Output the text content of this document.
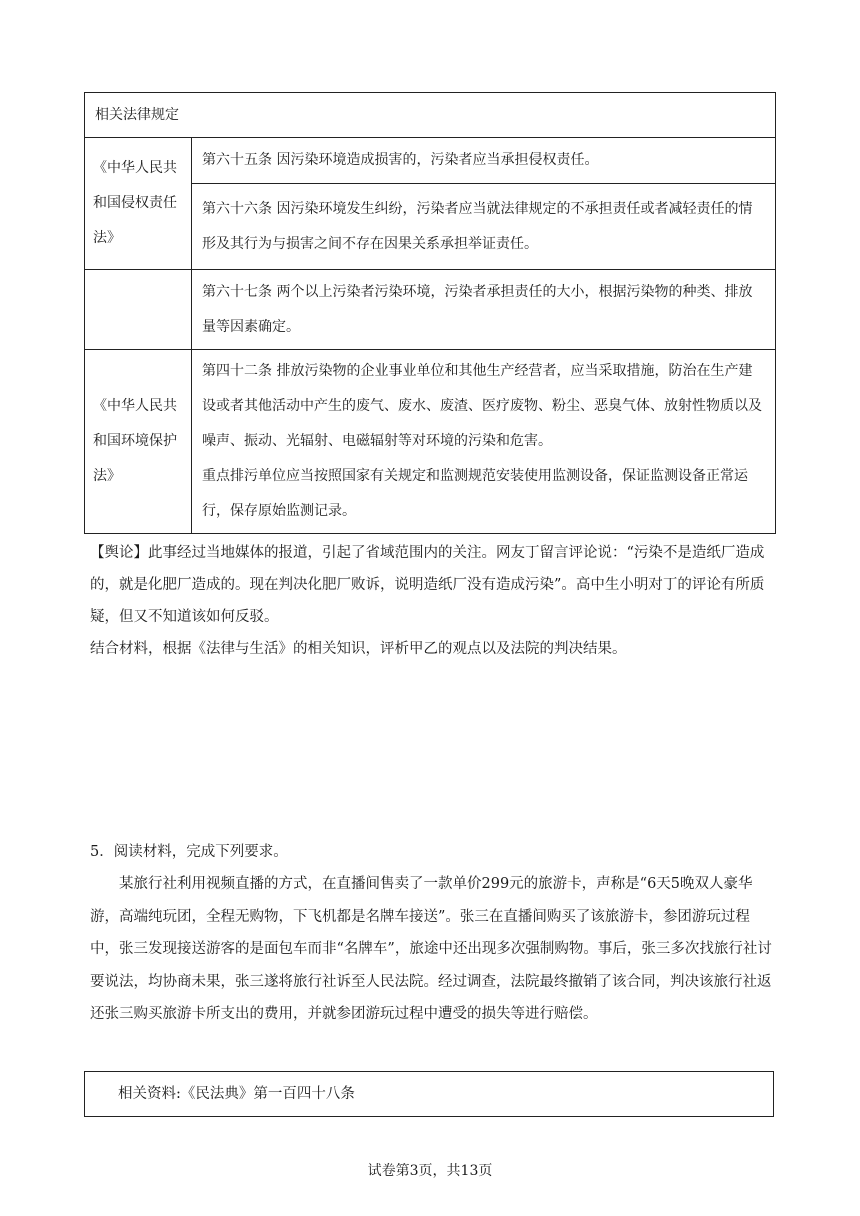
相关法律规定	
《中华人民共和国侵权责任法》	第六十五条 因污染环境造成损害的，污染者应当承担侵权责任。
	第六十六条 因污染环境发生纠纷，污染者应当就法律规定的不承担责任或者减轻责任的情形及其行为与损害之间不存在因果关系承担举证责任。
	第六十七条 两个以上污染者污染环境，污染者承担责任的大小，根据污染物的种类、排放量等因素确定。
《中华人民共和国环境保护法》	第四十二条 排放污染物的企业事业单位和其他生产经营者，应当采取措施，防治在生产建设或者其他活动中产生的废气、废水、废渣、医疗废物、粉尘、恶臭气体、放射性物质以及噪声、振动、光辐射、电磁辐射等对环境的污染和危害。
重点排污单位应当按照国家有关规定和监测规范安装使用监测设备，保证监测设备正常运行，保存原始监测记录。
【舆论】此事经过当地媒体的报道，引起了省域范围内的关注。网友丁留言评论说：“污染不是造纸厂造成的，就是化肥厂造成的。现在判决化肥厂败诉，说明造纸厂没有造成污染”。高中生小明对丁的评论有所质疑，但又不知道该如何反驳。
结合材料，根据《法律与生活》的相关知识，评析甲乙的观点以及法院的判决结果。
5．阅读材料，完成下列要求。
某旅行社利用视频直播的方式，在直播间售卖了一款单价299元的旅游卡，声称是“6天5晚双人豪华游，高端纯玩团，全程无购物，下飞机都是名牌车接送”。张三在直播间购买了该旅游卡，参团游玩过程中，张三发现接送游客的是面包车而非“名牌车”，旅途中还出现多次强制购物。事后，张三多次找旅行社讨要说法，均协商未果，张三遂将旅行社诉至人民法院。经过调查，法院最终撤销了该合同，判决该旅行社返还张三购买旅游卡所支出的费用，并就参团游玩过程中遭受的损失等进行赔偿。
相关资料:《民法典》第一百四十八条
试卷第3页，共13页
